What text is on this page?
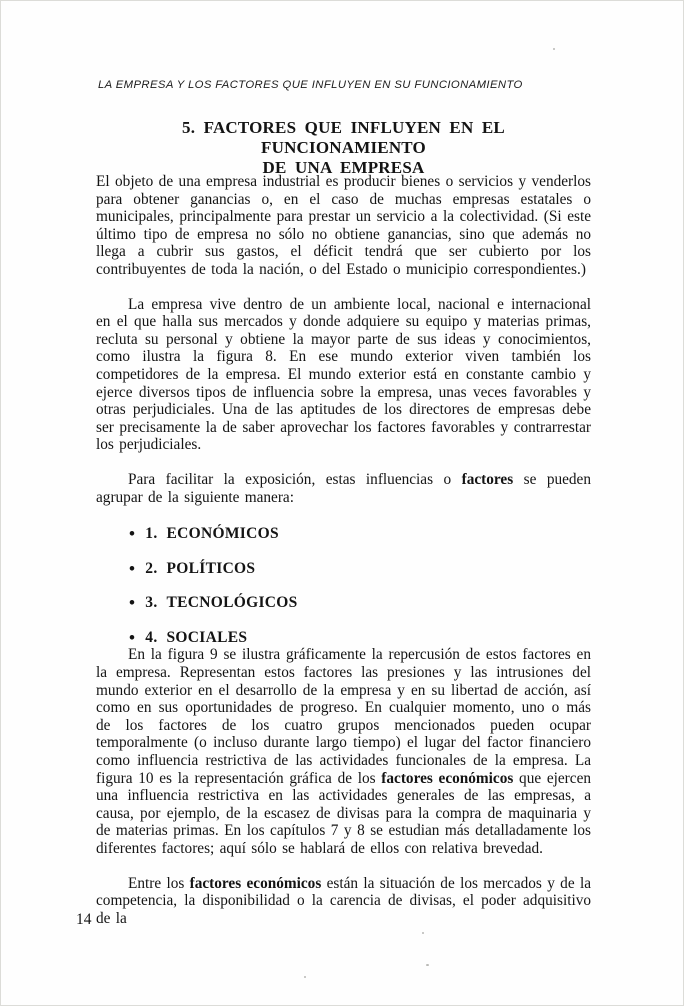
LA EMPRESA Y LOS FACTORES QUE INFLUYEN EN SU FUNCIONAMIENTO
5. FACTORES QUE INFLUYEN EN EL FUNCIONAMIENTO
DE UNA EMPRESA

El objeto de una empresa industrial es producir bienes o servicios y venderlos para obtener ganancias o, en el caso de muchas empresas estatales o municipales, principalmente para prestar un servicio a la colectividad. (Si este último tipo de empresa no sólo no obtiene ganancias, sino que además no llega a cubrir sus gastos, el déficit tendrá que ser cubierto por los contribuyentes de toda la nación, o del Estado o municipio correspondientes.)

La empresa vive dentro de un ambiente local, nacional e internacional en el que halla sus mercados y donde adquiere su equipo y materias primas, recluta su personal y obtiene la mayor parte de sus ideas y conocimientos, como ilustra la figura 8. En ese mundo exterior viven también los competidores de la empresa. El mundo exterior está en constante cambio y ejerce diversos tipos de influencia sobre la empresa, unas veces favorables y otras perjudiciales. Una de las aptitudes de los directores de empresas debe ser precisamente la de saber aprovechar los factores favorables y contrarrestar los perjudiciales.

Para facilitar la exposición, estas influencias o factores se pueden agrupar de la siguiente manera:

• 1. ECONÓMICOS
• 2. POLÍTICOS
• 3. TECNOLÓGICOS
• 4. SOCIALES

En la figura 9 se ilustra gráficamente la repercusión de estos factores en la empresa. Representan estos factores las presiones y las intrusiones del mundo exterior en el desarrollo de la empresa y en su libertad de acción, así como en sus oportunidades de progreso. En cualquier momento, uno o más de los factores de los cuatro grupos mencionados pueden ocupar temporalmente (o incluso durante largo tiempo) el lugar del factor financiero como influencia restrictiva de las actividades funcionales de la empresa. La figura 10 es la representación gráfica de los factores económicos que ejercen una influencia restrictiva en las actividades generales de las empresas, a causa, por ejemplo, de la escasez de divisas para la compra de maquinaria y de materias primas. En los capítulos 7 y 8 se estudian más detalladamente los diferentes factores; aquí sólo se hablará de ellos con relativa brevedad.

Entre los factores económicos están la situación de los mercados y de la competencia, la disponibilidad o la carencia de divisas, el poder adquisitivo de la

14
